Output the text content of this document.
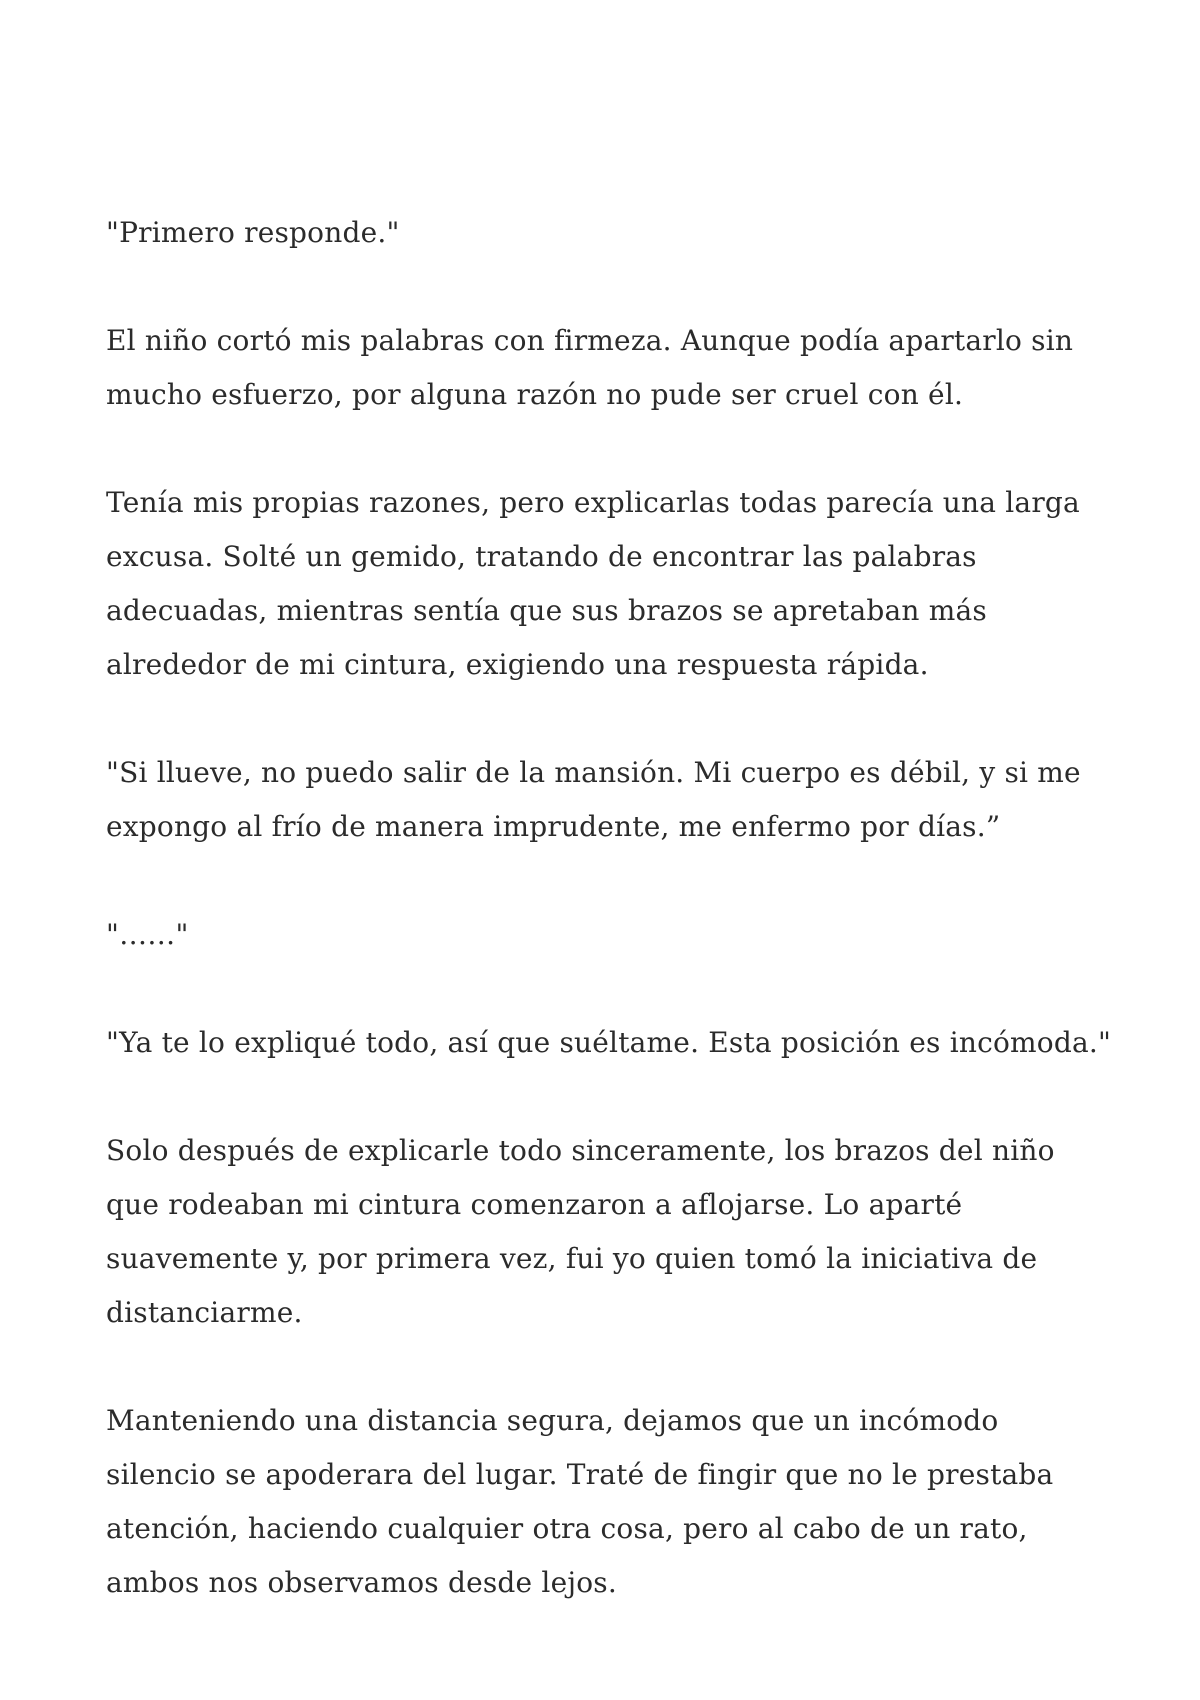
"Primero responde."

El niño cortó mis palabras con firmeza. Aunque podía apartarlo sin mucho esfuerzo, por alguna razón no pude ser cruel con él.

Tenía mis propias razones, pero explicarlas todas parecía una larga excusa. Solté un gemido, tratando de encontrar las palabras adecuadas, mientras sentía que sus brazos se apretaban más alrededor de mi cintura, exigiendo una respuesta rápida.

"Si llueve, no puedo salir de la mansión. Mi cuerpo es débil, y si me expongo al frío de manera imprudente, me enfermo por días.”

"……"

"Ya te lo expliqué todo, así que suéltame. Esta posición es incómoda."

Solo después de explicarle todo sinceramente, los brazos del niño que rodeaban mi cintura comenzaron a aflojarse. Lo aparté suavemente y, por primera vez, fui yo quien tomó la iniciativa de distanciarme.

Manteniendo una distancia segura, dejamos que un incómodo silencio se apoderara del lugar. Traté de fingir que no le prestaba atención, haciendo cualquier otra cosa, pero al cabo de un rato, ambos nos observamos desde lejos.
